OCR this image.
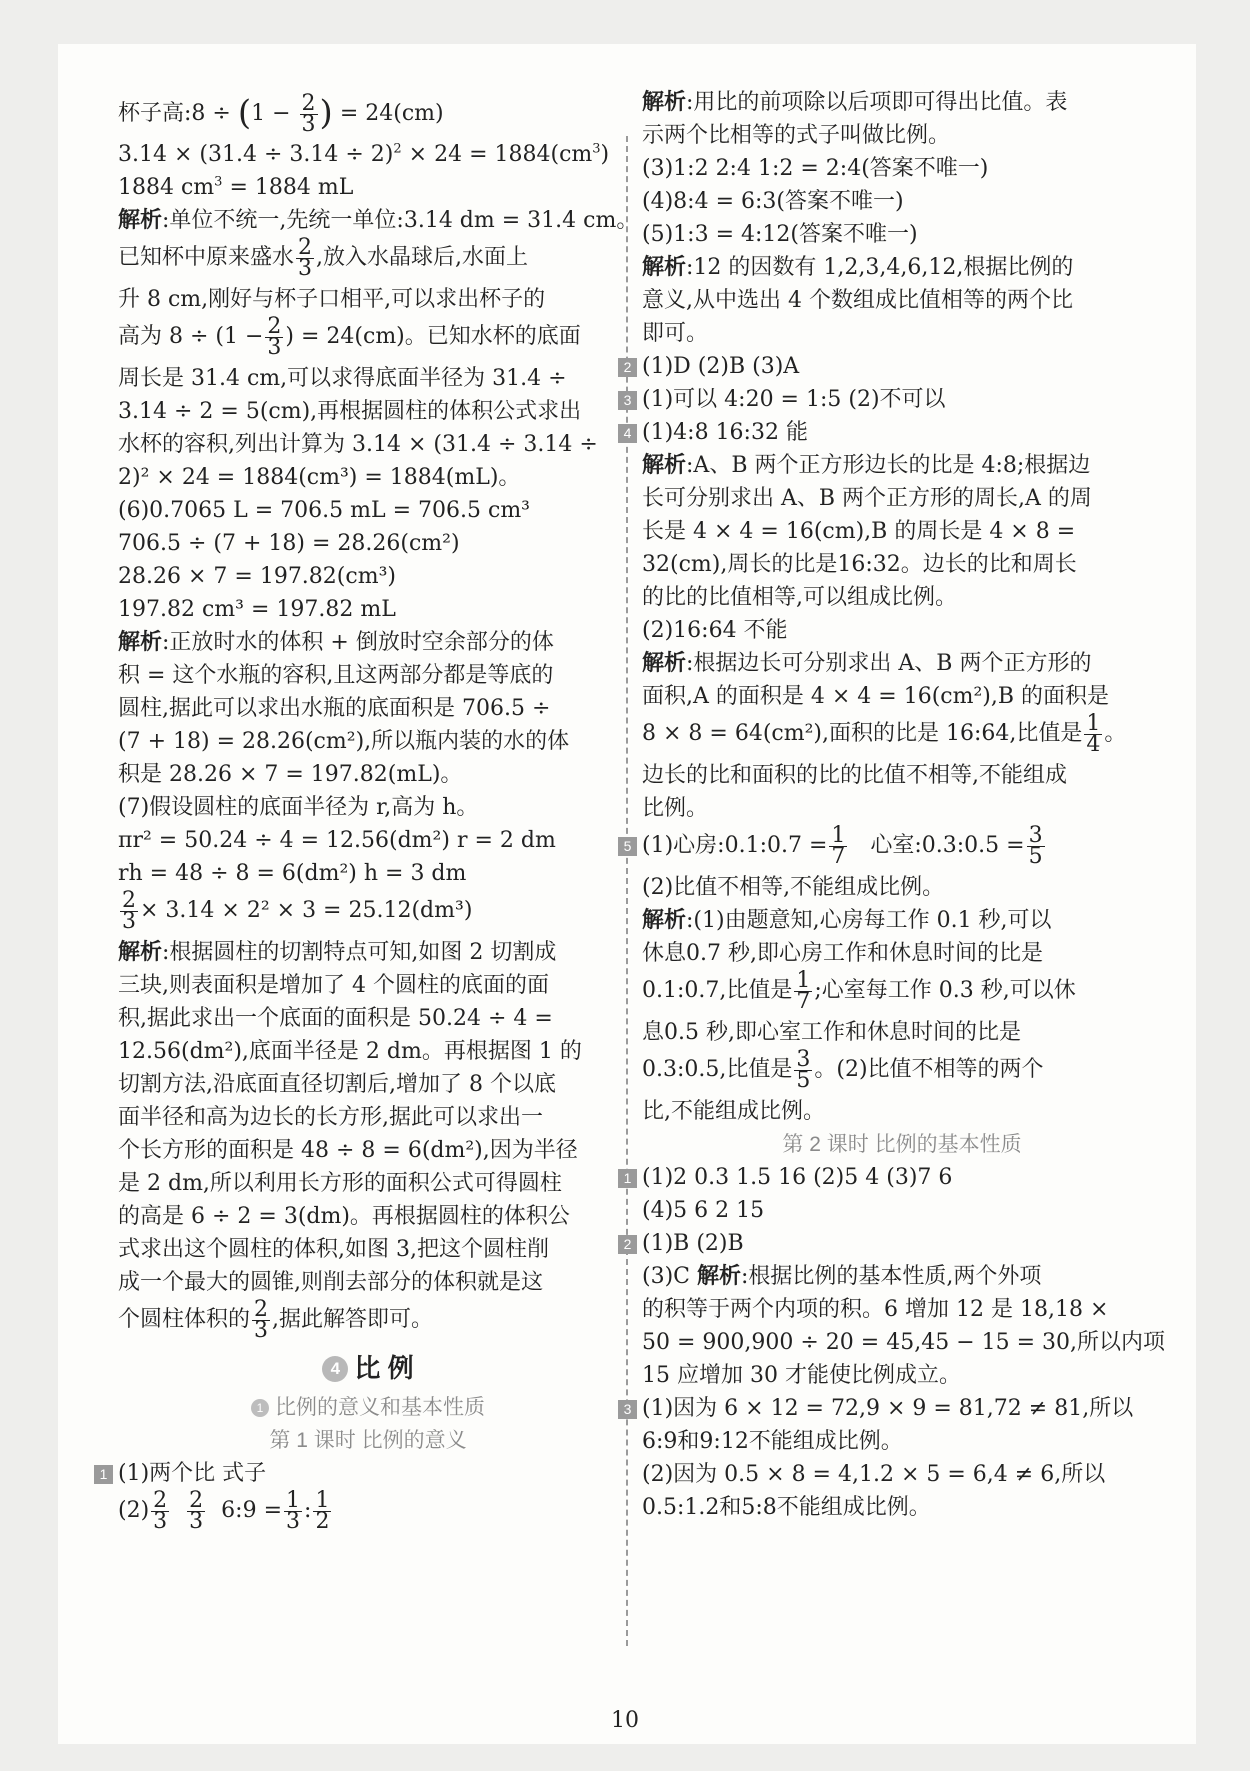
杯子高:8 ÷ ($1 - \frac{2}{3}$ ) = 24(cm)
$3.14 \times (31.4 \div 3.14 \div 2)^2 \times 24 = 1884(cm^3)$
1884 $cm^3 = 1884$ mL
解析:单位不统一,先统一单位:3.14 dm = 31.4 cm。
已知杯中原来盛水 $\frac{2}{3}$ ,放入水晶球后,水面上
升 8 cm,刚好与杯子口相平,可以求出杯子的
高为 $8 \div (1 - \frac{2}{3}$ ) = 24(cm)。已知水杯的底面
周长是 31.4 cm,可以求得底面半径为 31.4 ÷
3.14 ÷ 2 = 5(cm),再根据圆柱的体积公式求出
水杯的容积,列出计算为 3.14 × (31.4 ÷ 3.14 ÷
2)² × 24 = 1884(cm³) = 1884(mL)。
(6)0.7065 L = 706.5 mL = 706.5 cm³
706.5 ÷ (7 + 18) = 28.26(cm²)
28.26 × 7 = 197.82(cm³)
197.82 cm³ = 197.82 mL
解析:正放时水的体积 + 倒放时空余部分的体
积 = 这个水瓶的容积,且这两部分都是等底的
圆柱,据此可以求出水瓶的底面积是 706.5 ÷
(7 + 18) = 28.26(cm²),所以瓶内装的水的体
积是 28.26 × 7 = 197.82(mL)。
(7)假设圆柱的底面半径为 r,高为 h。
πr² = 50.24 ÷ 4 = 12.56(dm²) r = 2 dm
rh = 48 ÷ 8 = 6(dm²) h = 3 dm
$\frac{2}{3} \times 3.14 \times 2^2 \times 3 = 25.12(dm^3)$
解析:根据圆柱的切割特点可知,如图 2 切割成
三块,则表面积是增加了 4 个圆柱的底面的面
积,据此求出一个底面的面积是 50.24 ÷ 4 =
12.56(dm²),底面半径是 2 dm。再根据图 1 的
切割方法,沿底面直径切割后,增加了 8 个以底
面半径和高为边长的长方形,据此可以求出一
个长方形的面积是 48 ÷ 8 = 6(dm²),因为半径
是 2 dm,所以利用长方形的面积公式可得圆柱
的高是 6 ÷ 2 = 3(dm)。再根据圆柱的体积公
式求出这个圆柱的体积,如图 3,把这个圆柱削
成一个最大的圆锥,则削去部分的体积就是这
个圆柱体积的 $\frac{2}{3}$ ,据此解答即可。
4 比 例
1 比例的意义和基本性质
第 1 课时 比例的意义
1 (1)两个比 式子
$(2) \frac{2}{3}$
$\frac{2}{3}$ 6:9 = $\frac{1}{3}$ : $\frac{1}{2}$
解析:用比的前项除以后项即可得出比值。表
示两个比相等的式子叫做比例。
(3)1:2 2:4 1:2 = 2:4(答案不唯一)
(4)8:4 = 6:3(答案不唯一)
(5)1:3 = 4:12(答案不唯一)
解析:12 的因数有 1,2,3,4,6,12,根据比例的
意义,从中选出 4 个数组成比值相等的两个比
即可。
2 (1)D (2)B (3)A
3 (1)可以 4:20 = 1:5 (2)不可以
4 (1)4:8 16:32 能
解析:A、B 两个正方形边长的比是 4:8;根据边
长可分别求出 A、B 两个正方形的周长,A 的周
长是 4 × 4 = 16(cm),B 的周长是 4 × 8 =
32(cm),周长的比是16:32。边长的比和周长
的比的比值相等,可以组成比例。
(2)16:64 不能
解析:根据边长可分别求出 A、B 两个正方形的
面积,A 的面积是 4 × 4 = 16(cm²),B 的面积是
8 × 8 = 64(cm²),面积的比是 16:64,比值是 $\frac{1}{4}$ 。
边长的比和面积的比的比值不相等,不能组成
比例。
5 (1)心房:0.1:0.7 = $\frac{1}{7}$ 心室:0.3:0.5 = $\frac{3}{5}$
(2)比值不相等,不能组成比例。
解析:(1)由题意知,心房每工作 0.1 秒,可以
休息0.7 秒,即心房工作和休息时间的比是
0.1:0.7,比值是 $\frac{1}{7}$ ;心室每工作 0.3 秒,可以休
息0.5 秒,即心室工作和休息时间的比是
0.3:0.5,比值是 $\frac{3}{5}$ 。(2)比值不相等的两个
比,不能组成比例。
第 2 课时 比例的基本性质
1 (1)2 0.3 1.5 16 (2)5 4 (3)7 6
(4)5 6 2 15
2 (1)B (2)B
(3)C 解析:根据比例的基本性质,两个外项
的积等于两个内项的积。6 增加 12 是 18,18 ×
50 = 900,900 ÷ 20 = 45,45 − 15 = 30,所以内项
15 应增加 30 才能使比例成立。
3 (1)因为 6 × 12 = 72,9 × 9 = 81,72 ≠ 81,所以
6:9和9:12不能组成比例。
(2)因为 0.5 × 8 = 4,1.2 × 5 = 6,4 ≠ 6,所以
0.5:1.2和5:8不能组成比例。
10
